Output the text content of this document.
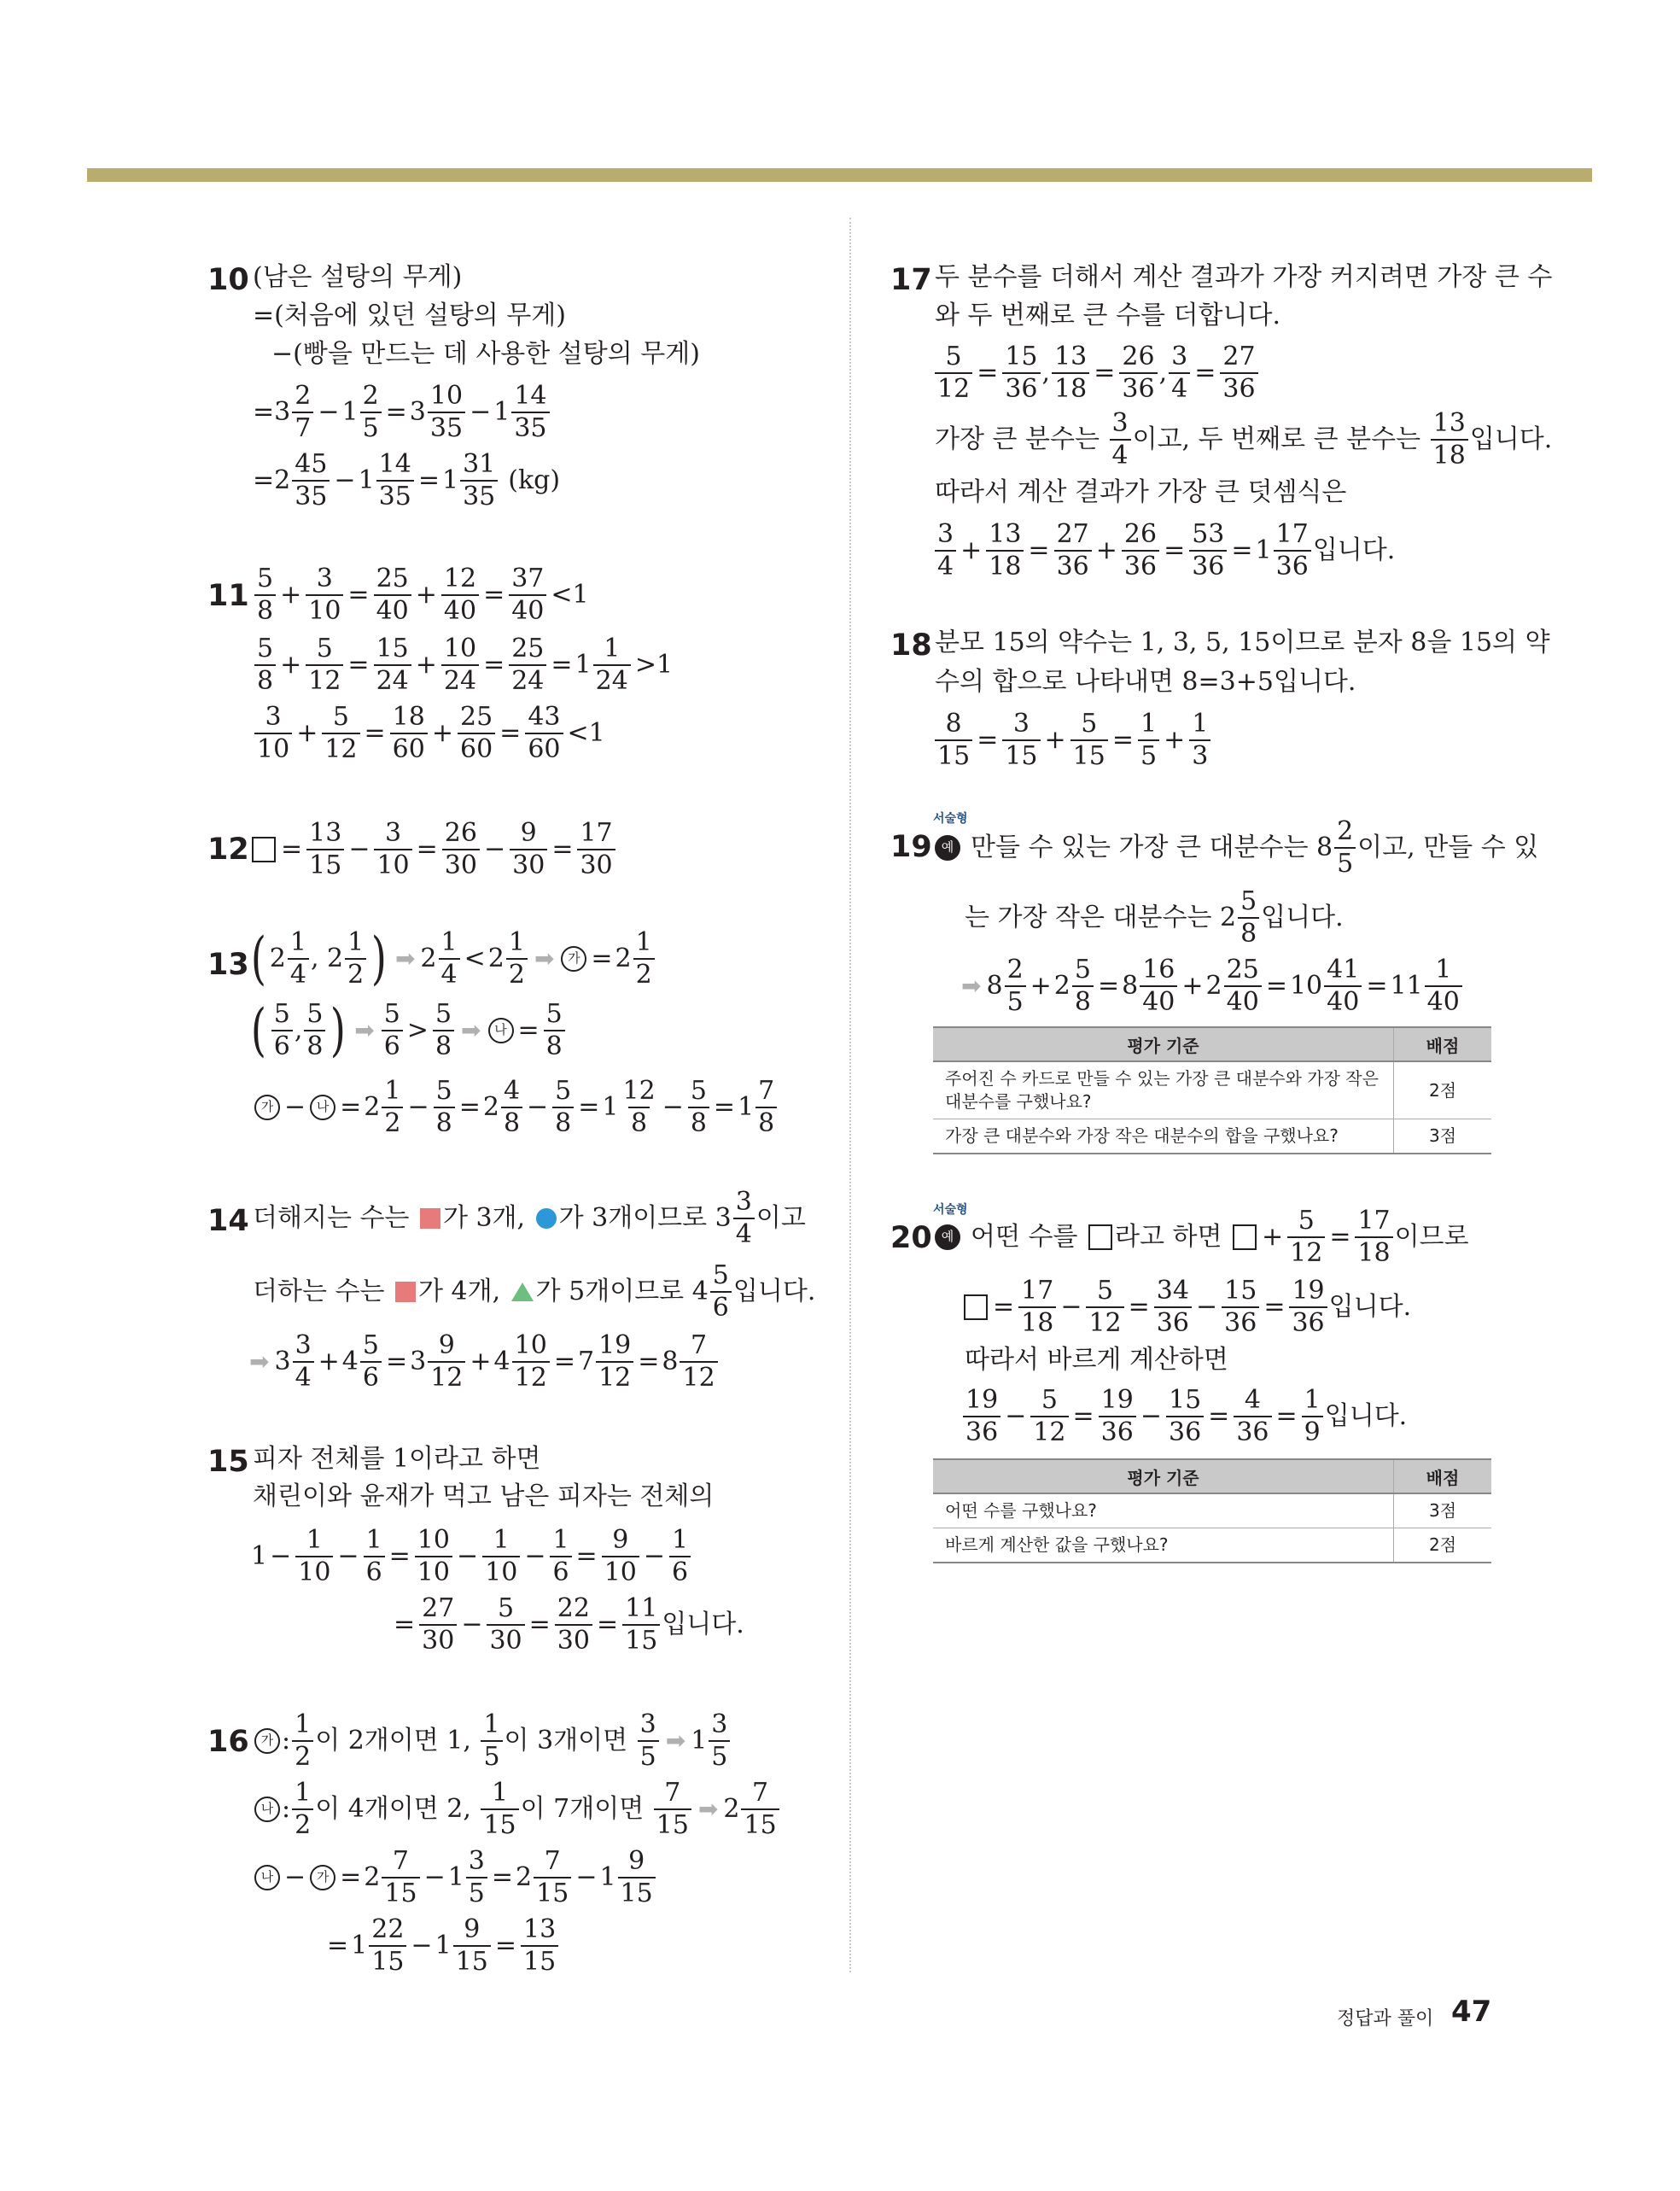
10 (남은 설탕의 무게)
=(처음에 있던 설탕의 무게)
−(빵을 만드는 데 사용한 설탕의 무게)
$=3 \frac{2}{7} - 1 \frac{2}{5} = 3 \frac{10}{35} - 1 \frac{14}{35}$
$=2 \frac{45}{35} - 1 \frac{14}{35} = 1 \frac{31}{35} (kg)$
$11 \frac{5}{8} + \frac{3}{10} = \frac{25}{40} + \frac{12}{40} = \frac{37}{40} <1$
$\frac{5}{8} + \frac{5}{12} = \frac{15}{24} + \frac{10}{24} = \frac{25}{24} = 1 \frac{1}{24} >1$
$\frac{3}{10} + \frac{5}{12} = \frac{18}{60} + \frac{25}{60} = \frac{43}{60} <1$
$12 = \frac{13}{15} - \frac{3}{10} = \frac{26}{30} - \frac{9}{30} = \frac{17}{30}$
13 ( $2 \frac{1}{4}$ , $2 \frac{1}{2}$ ) ➡ $2 \frac{1}{4} < 2 \frac{1}{2}$ ➡	가 = $2 \frac{1}{2}$
( $\frac{5}{6}$ , $\frac{5}{8}$ ) ➡ $\frac{5}{6} > \frac{5}{8}$ ➡	나 = $\frac{5}{8}$
가 − 나 = $2 \frac{1}{2} - \frac{5}{8} = 2 \frac{4}{8} - \frac{5}{8} = 1 \frac{12}{8} - \frac{5}{8} = 1 \frac{7}{8}$
14 더해지는 수는 가 3개, 가 3개이므로 $3 \frac{3}{4}$ 이고
더하는 수는 가 4개, 가 5개이므로 $4 \frac{5}{6}$ 입니다.
➡ $3 \frac{3}{4} + 4 \frac{5}{6} = 3 \frac{9}{12} + 4 \frac{10}{12} = 7 \frac{19}{12} = 8 \frac{7}{12}$
15 피자 전체를 1이라고 하면
채린이와 윤재가 먹고 남은 피자는 전체의
$1 - \frac{1}{10} - \frac{1}{6} = \frac{10}{10} - \frac{1}{10} - \frac{1}{6} = \frac{9}{10} - \frac{1}{6}$
= $\frac{27}{30} - \frac{5}{30} = \frac{22}{30} = \frac{11}{15}$ 입니다.
16 가 : $\frac{1}{2}$ 이 2개이면 1, $\frac{1}{5}$ 이 3개이면 $\frac{3}{5}$ ➡ $1 \frac{3}{5}$
나 : $\frac{1}{2}$ 이 4개이면 2, $\frac{1}{15}$ 이 7개이면 $\frac{7}{15}$ ➡ $2 \frac{7}{15}$
나 − 가 = $2 \frac{7}{15} - 1 \frac{3}{5} = 2 \frac{7}{15} - 1 \frac{9}{15}$
= $1 \frac{22}{15} - 1 \frac{9}{15} = \frac{13}{15}$
17 두 분수를 더해서 계산 결과가 가장 커지려면 가장 큰 수
와 두 번째로 큰 수를 더합니다.
$\frac{5}{12} = \frac{15}{36}$ , $\frac{13}{18} = \frac{26}{36}$ , $\frac{3}{4} = \frac{27}{36}$
가장 큰 분수는 $\frac{3}{4}$ 이고, 두 번째로 큰 분수는 $\frac{13}{18}$ 입니다.
따라서 계산 결과가 가장 큰 덧셈식은
$\frac{3}{4} + \frac{13}{18} = \frac{27}{36} + \frac{26}{36} = \frac{53}{36} = 1 \frac{17}{36}$ 입니다.
18 분모 15의 약수는 1, 3, 5, 15이므로 분자 8을 15의 약
수의 합으로 나타내면 8=3+5입니다.
$\frac{8}{15} = \frac{3}{15} + \frac{5}{15} = \frac{1}{5} + \frac{1}{3}$
서술형
19 예 만들 수 있는 가장 큰 대분수는 $8 \frac{2}{5}$ 이고, 만들 수 있
는 가장 작은 대분수는 $2 \frac{5}{8}$ 입니다.
➡ $8 \frac{2}{5} + 2 \frac{5}{8} = 8 \frac{16}{40} + 2 \frac{25}{40} = 10 \frac{41}{40} = 11 \frac{1}{40}$
평가 기준	배점
주어진 수 카드로 만들 수 있는 가장 큰 대분수와 가장 작은 대분수를 구했나요?	2점
가장 큰 대분수와 가장 작은 대분수의 합을 구했나요?	3점
서술형
20 예 어떤 수를 라고 하면 + $\frac{5}{12} = \frac{17}{18}$ 이므로
= $\frac{17}{18} - \frac{5}{12} = \frac{34}{36} - \frac{15}{36} = \frac{19}{36}$ 입니다.
따라서 바르게 계산하면
$\frac{19}{36} - \frac{5}{12} = \frac{19}{36} - \frac{15}{36} = \frac{4}{36} = \frac{1}{9}$ 입니다.
평가 기준	배점
어떤 수를 구했나요?	3점
바르게 계산한 값을 구했나요?	2점
정답과 풀이 47
